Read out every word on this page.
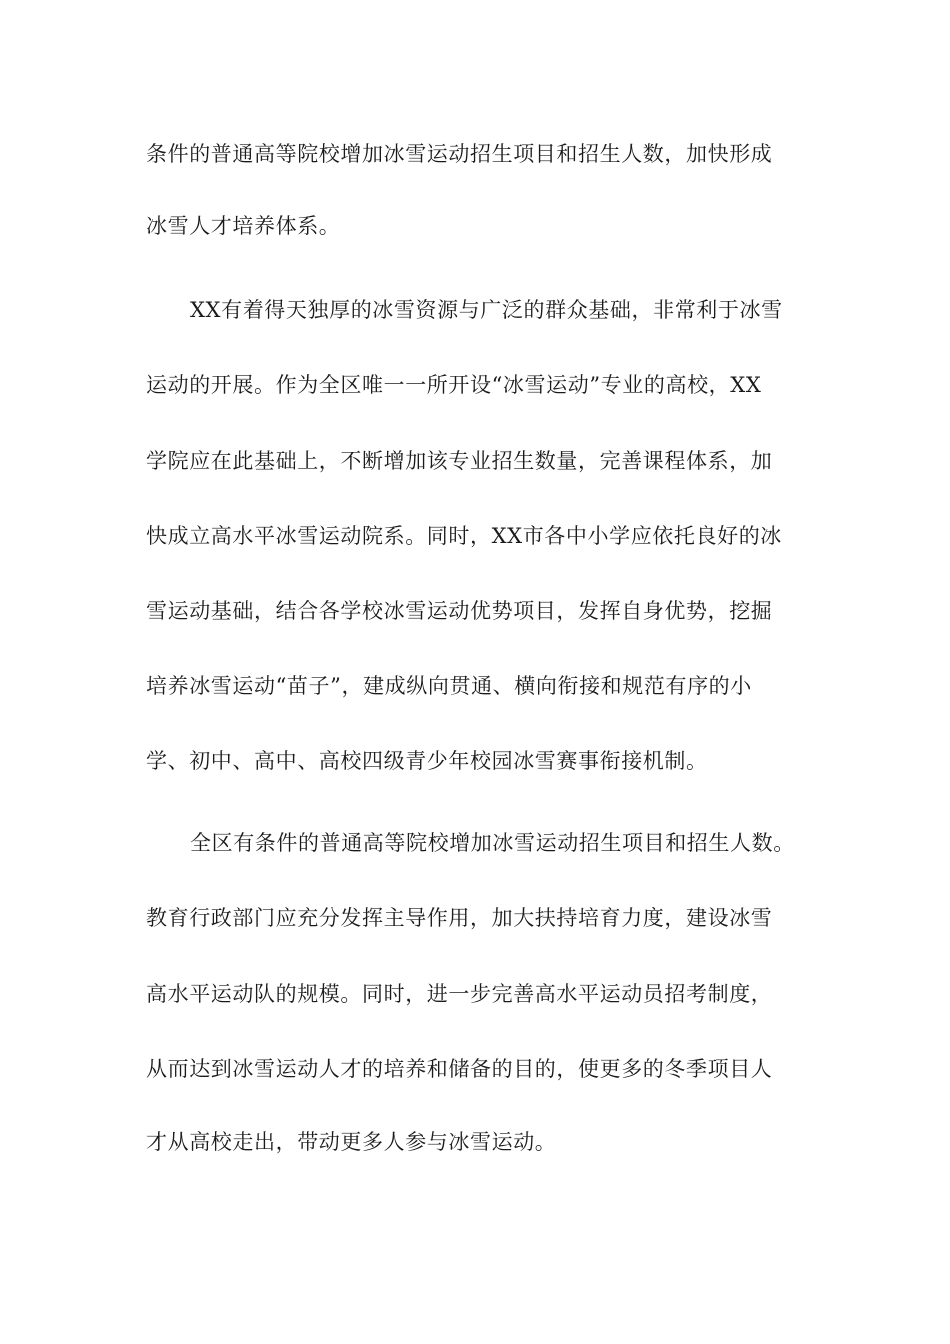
条件的普通高等院校增加冰雪运动招生项目和招生人数，加快形成
冰雪人才培养体系。
XX有着得天独厚的冰雪资源与广泛的群众基础，非常利于冰雪
运动的开展。作为全区唯一一所开设“冰雪运动”专业的高校，XX
学院应在此基础上，不断增加该专业招生数量，完善课程体系，加
快成立高水平冰雪运动院系。同时，XX市各中小学应依托良好的冰
雪运动基础，结合各学校冰雪运动优势项目，发挥自身优势，挖掘
培养冰雪运动“苗子”，建成纵向贯通、横向衔接和规范有序的小
学、初中、高中、高校四级青少年校园冰雪赛事衔接机制。
全区有条件的普通高等院校增加冰雪运动招生项目和招生人数。
教育行政部门应充分发挥主导作用，加大扶持培育力度，建设冰雪
高水平运动队的规模。同时，进一步完善高水平运动员招考制度，
从而达到冰雪运动人才的培养和储备的目的，使更多的冬季项目人
才从高校走出，带动更多人参与冰雪运动。
